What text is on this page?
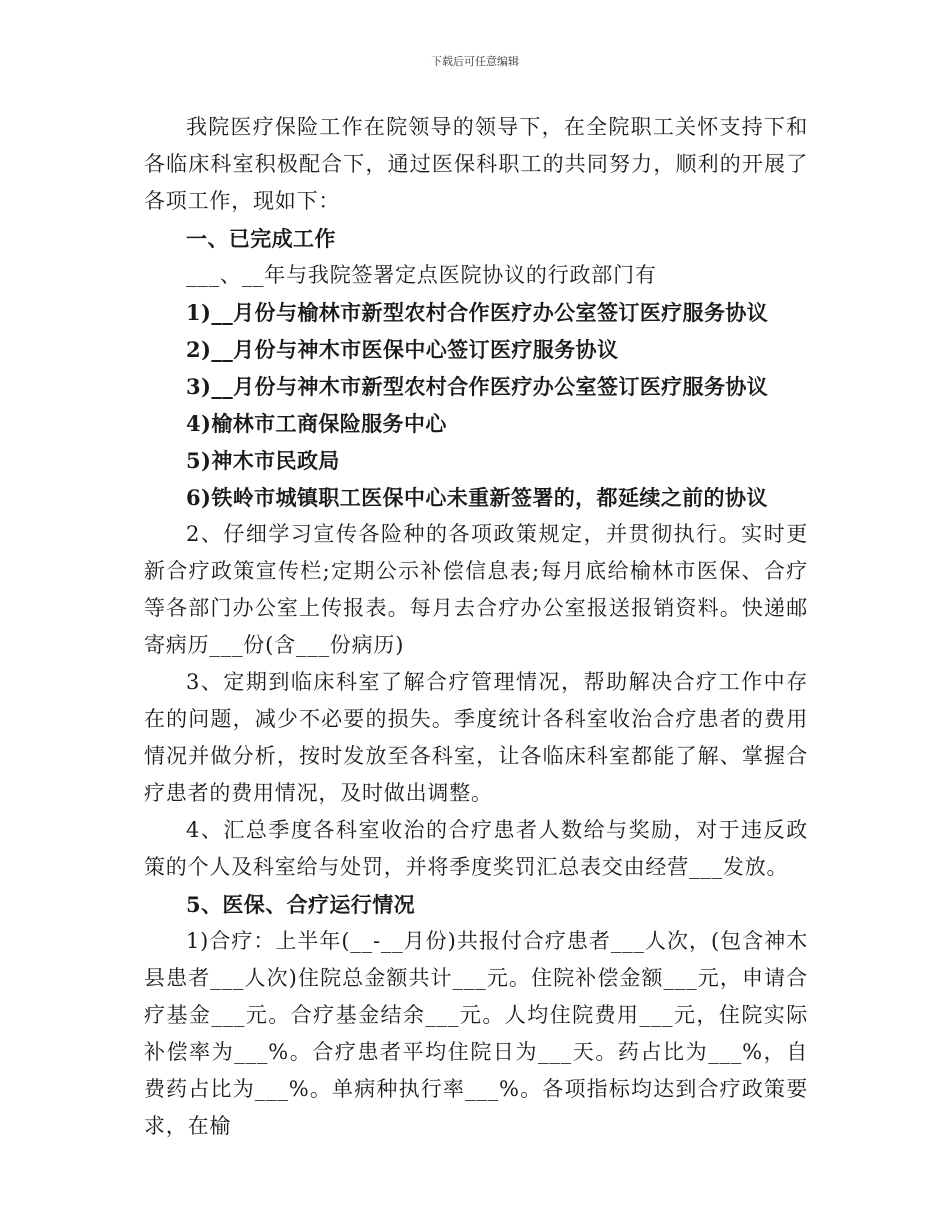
下载后可任意编辑

我院医疗保险工作在院领导的领导下，在全院职工关怀支持下和各临床科室积极配合下，通过医保科职工的共同努力，顺利的开展了各项工作，现如下：

一、已完成工作

___、__年与我院签署定点医院协议的行政部门有

1)__月份与榆林市新型农村合作医疗办公室签订医疗服务协议

2)__月份与神木市医保中心签订医疗服务协议

3)__月份与神木市新型农村合作医疗办公室签订医疗服务协议

4)榆林市工商保险服务中心

5)神木市民政局

6)铁岭市城镇职工医保中心未重新签署的，都延续之前的协议

2、仔细学习宣传各险种的各项政策规定，并贯彻执行。实时更新合疗政策宣传栏;定期公示补偿信息表;每月底给榆林市医保、合疗等各部门办公室上传报表。每月去合疗办公室报送报销资料。快递邮寄病历___份(含___份病历)

3、定期到临床科室了解合疗管理情况，帮助解决合疗工作中存在的问题，减少不必要的损失。季度统计各科室收治合疗患者的费用情况并做分析，按时发放至各科室，让各临床科室都能了解、掌握合疗患者的费用情况，及时做出调整。

4、汇总季度各科室收治的合疗患者人数给与奖励，对于违反政策的个人及科室给与处罚，并将季度奖罚汇总表交由经营___发放。

5、医保、合疗运行情况

1)合疗：上半年(__-__月份)共报付合疗患者___人次，(包含神木县患者___人次)住院总金额共计___元。住院补偿金额___元，申请合疗基金___元。合疗基金结余___元。人均住院费用___元，住院实际补偿率为___%。合疗患者平均住院日为___天。药占比为___%，自费药占比为___%。单病种执行率___%。各项指标均达到合疗政策要求，在榆
